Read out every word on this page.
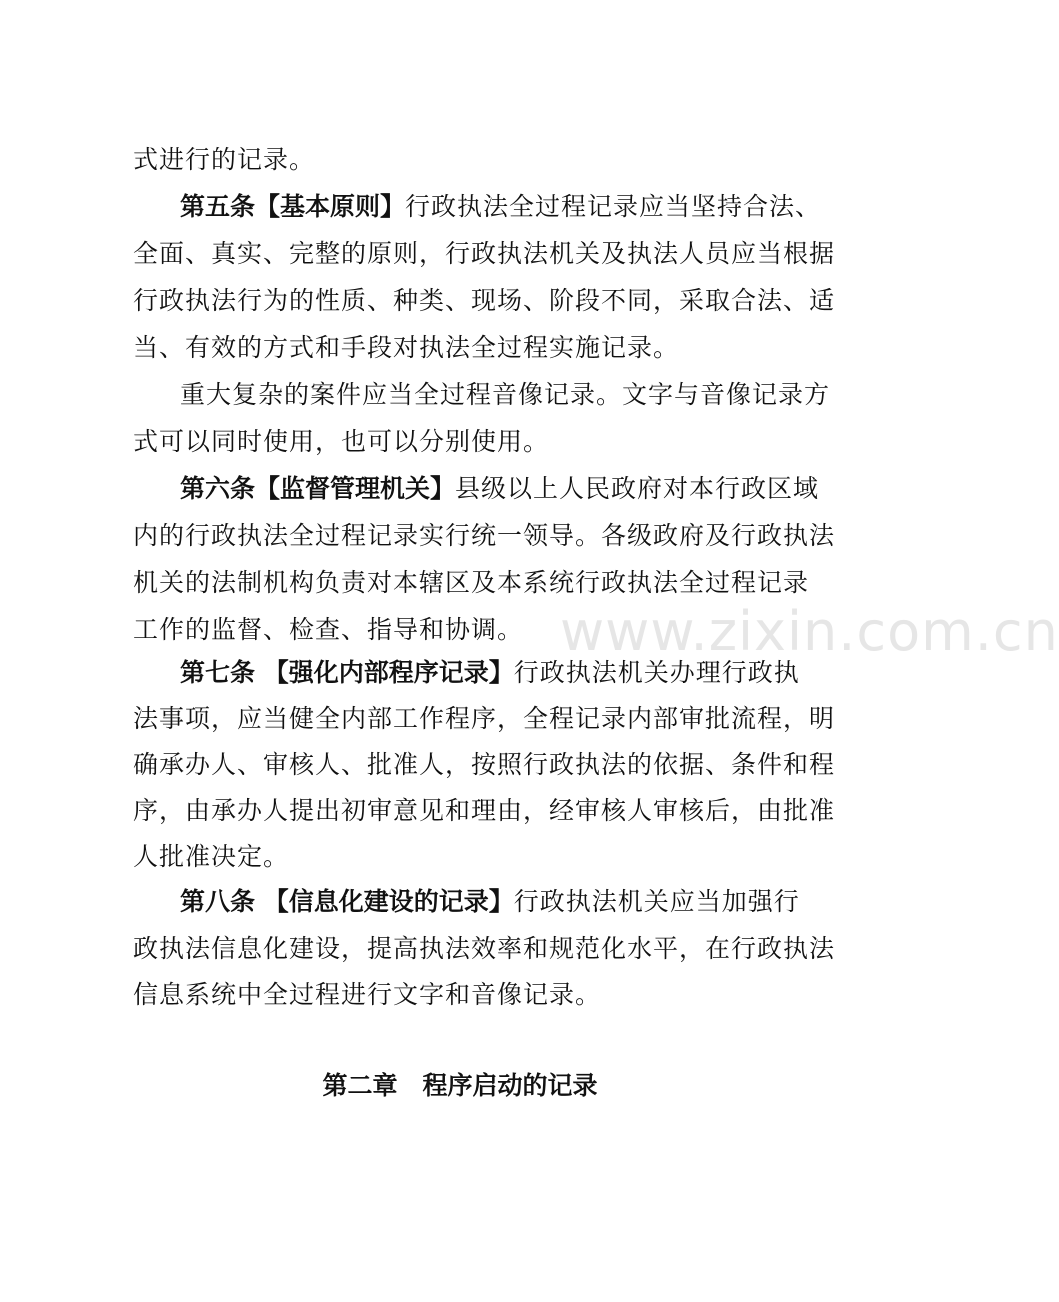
www.zixin.com.cn
式进行的记录。
第五条【基本原则】行政执法全过程记录应当坚持合法、
全面、真实、完整的原则，行政执法机关及执法人员应当根据
行政执法行为的性质、种类、现场、阶段不同，采取合法、适
当、有效的方式和手段对执法全过程实施记录。
重大复杂的案件应当全过程音像记录。文字与音像记录方
式可以同时使用，也可以分别使用。
第六条【监督管理机关】县级以上人民政府对本行政区域
内的行政执法全过程记录实行统一领导。各级政府及行政执法
机关的法制机构负责对本辖区及本系统行政执法全过程记录
工作的监督、检查、指导和协调。
第七条 【强化内部程序记录】行政执法机关办理行政执
法事项，应当健全内部工作程序，全程记录内部审批流程，明
确承办人、审核人、批准人，按照行政执法的依据、条件和程
序，由承办人提出初审意见和理由，经审核人审核后，由批准
人批准决定。
第八条 【信息化建设的记录】行政执法机关应当加强行
政执法信息化建设，提高执法效率和规范化水平，在行政执法
信息系统中全过程进行文字和音像记录。
第二章　程序启动的记录
